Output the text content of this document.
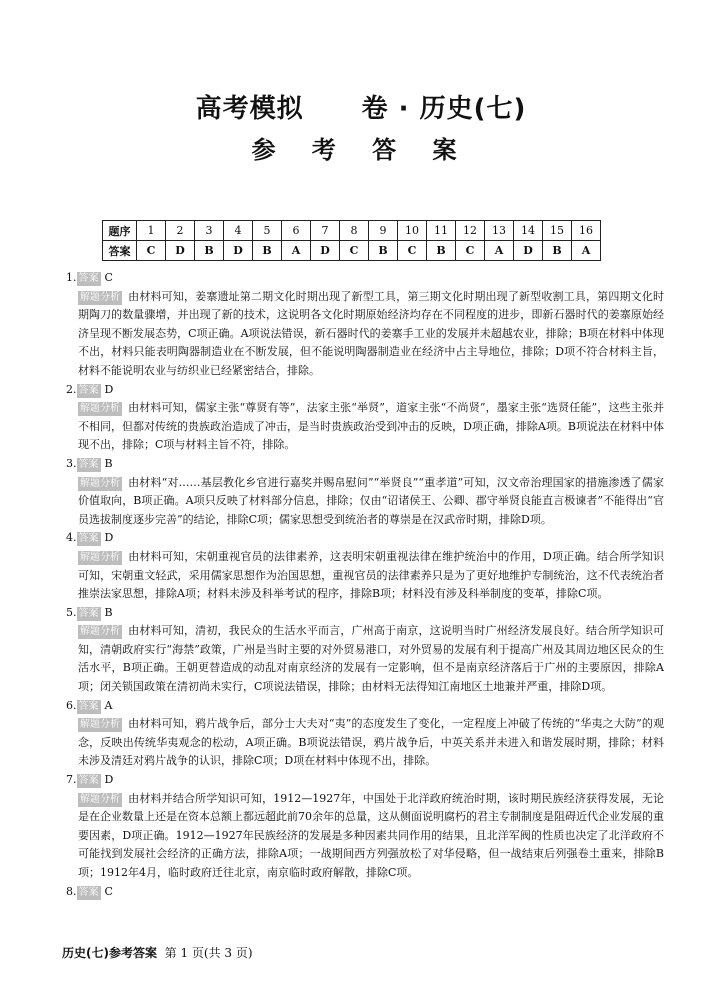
高考模拟 卷 · 历史(七)
参 考 答 案
题序	1	2	3	4	5	6	7	8	9	10	11	12	13	14	15	16
答案	C	D	B	D	B	A	D	C	B	C	B	C	A	D	B	A

1. 答案 C

解题分析 由材料可知，姜寨遗址第二期文化时期出现了新型工具，第三期文化时期出现了新型收割工具，第四期文化时期陶刀的数量骤增，并出现了新的技术，这说明各文化时期原始经济均存在不同程度的进步，即新石器时代的姜寨原始经济呈现不断发展态势，C项正确。A项说法错误，新石器时代的姜寨手工业的发展并未超越农业，排除；B项在材料中体现不出，材料只能表明陶器制造业在不断发展，但不能说明陶器制造业在经济中占主导地位，排除；D项不符合材料主旨，材料不能说明农业与纺织业已经紧密结合，排除。

2. 答案 D

解题分析 由材料可知，儒家主张“尊贤有等”，法家主张“举贤”，道家主张“不尚贤”，墨家主张“选贤任能”，这些主张并不相同，但都对传统的贵族政治造成了冲击，是当时贵族政治受到冲击的反映，D项正确，排除A项。B项说法在材料中体现不出，排除；C项与材料主旨不符，排除。

3. 答案 B

解题分析 由材料“对……基层教化乡官进行嘉奖并赐帛慰问”“举贤良”“重孝道”可知，汉文帝治理国家的措施渗透了儒家价值取向，B项正确。A项只反映了材料部分信息，排除；仅由“诏诸侯王、公卿、郡守举贤良能直言极谏者”不能得出“官员选拔制度逐步完善”的结论，排除C项；儒家思想受到统治者的尊崇是在汉武帝时期，排除D项。

4. 答案 D

解题分析 由材料可知，宋朝重视官员的法律素养，这表明宋朝重视法律在维护统治中的作用，D项正确。结合所学知识可知，宋朝重文轻武，采用儒家思想作为治国思想，重视官员的法律素养只是为了更好地维护专制统治，这不代表统治者推崇法家思想，排除A项；材料未涉及科举考试的程序，排除B项；材料没有涉及科举制度的变革，排除C项。

5. 答案 B

解题分析 由材料可知，清初，我民众的生活水平而言，广州高于南京，这说明当时广州经济发展良好。结合所学知识可知，清朝政府实行“海禁”政策，广州是当时主要的对外贸易港口，对外贸易的发展有利于提高广州及其周边地区民众的生活水平，B项正确。王朝更替造成的动乱对南京经济的发展有一定影响，但不是南京经济落后于广州的主要原因，排除A项；闭关锁国政策在清初尚未实行，C项说法错误，排除；由材料无法得知江南地区土地兼并严重，排除D项。

6. 答案 A

解题分析 由材料可知，鸦片战争后，部分士大夫对“夷”的态度发生了变化，一定程度上冲破了传统的“华夷之大防”的观念，反映出传统华夷观念的松动，A项正确。B项说法错误，鸦片战争后，中英关系并未进入和谐发展时期，排除；材料未涉及清廷对鸦片战争的认识，排除C项；D项在材料中体现不出，排除。

7. 答案 D

解题分析 由材料并结合所学知识可知，1912—1927年，中国处于北洋政府统治时期，该时期民族经济获得发展，无论是在企业数量上还是在资本总额上都远超此前70余年的总量，这从侧面说明腐朽的君主专制制度是阻碍近代企业发展的重要因素，D项正确。1912—1927年民族经济的发展是多种因素共同作用的结果，且北洋军阀的性质也决定了北洋政府不可能找到发展社会经济的正确方法，排除A项；一战期间西方列强放松了对华侵略，但一战结束后列强卷土重来，排除B项；1912年4月，临时政府迁往北京，南京临时政府解散，排除C项。

8. 答案 C

历史(七)参考答案 第 1 页(共 3 页)
